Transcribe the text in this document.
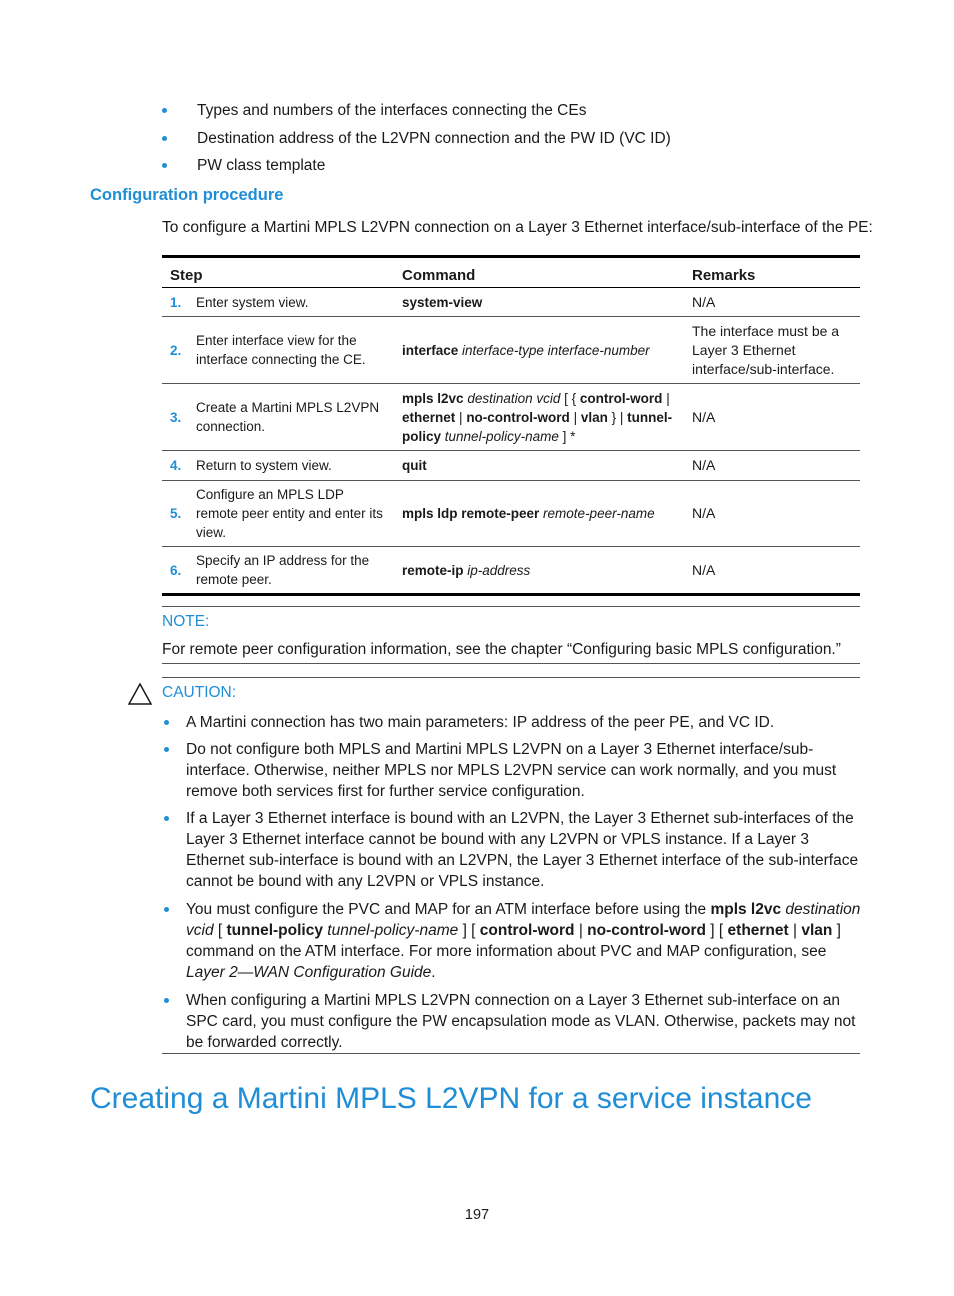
Types and numbers of the interfaces connecting the CEs
Destination address of the L2VPN connection and the PW ID (VC ID)
PW class template
Configuration procedure
To configure a Martini MPLS L2VPN connection on a Layer 3 Ethernet interface/sub-interface of the PE:
Step		Command	Remarks
1.	Enter system view.	system-view	N/A
2.	Enter interface view for the interface connecting the CE.	interface interface-type interface-number	The interface must be a Layer 3 Ethernet interface/sub-interface.
3.	Create a Martini MPLS L2VPN connection.	mpls l2vc destination vcid [ { control-word | ethernet | no-control-word | vlan } | tunnel-policy tunnel-policy-name ] *	N/A
4.	Return to system view.	quit	N/A
5.	Configure an MPLS LDP remote peer entity and enter its view.	mpls ldp remote-peer remote-peer-name	N/A
6.	Specify an IP address for the remote peer.	remote-ip ip-address	N/A
NOTE:
For remote peer configuration information, see the chapter “Configuring basic MPLS configuration.”
CAUTION:
A Martini connection has two main parameters: IP address of the peer PE, and VC ID.
Do not configure both MPLS and Martini MPLS L2VPN on a Layer 3 Ethernet interface/sub-interface. Otherwise, neither MPLS nor MPLS L2VPN service can work normally, and you must remove both services first for further service configuration.
If a Layer 3 Ethernet interface is bound with an L2VPN, the Layer 3 Ethernet sub-interfaces of the Layer 3 Ethernet interface cannot be bound with any L2VPN or VPLS instance. If a Layer 3 Ethernet sub-interface is bound with an L2VPN, the Layer 3 Ethernet interface of the sub-interface cannot be bound with any L2VPN or VPLS instance.
You must configure the PVC and MAP for an ATM interface before using the mpls l2vc destination vcid [ tunnel-policy tunnel-policy-name ] [ control-word | no-control-word ] [ ethernet | vlan ] command on the ATM interface. For more information about PVC and MAP configuration, see Layer 2—WAN Configuration Guide.
When configuring a Martini MPLS L2VPN connection on a Layer 3 Ethernet sub-interface on an SPC card, you must configure the PW encapsulation mode as VLAN. Otherwise, packets may not be forwarded correctly.
Creating a Martini MPLS L2VPN for a service instance
197
